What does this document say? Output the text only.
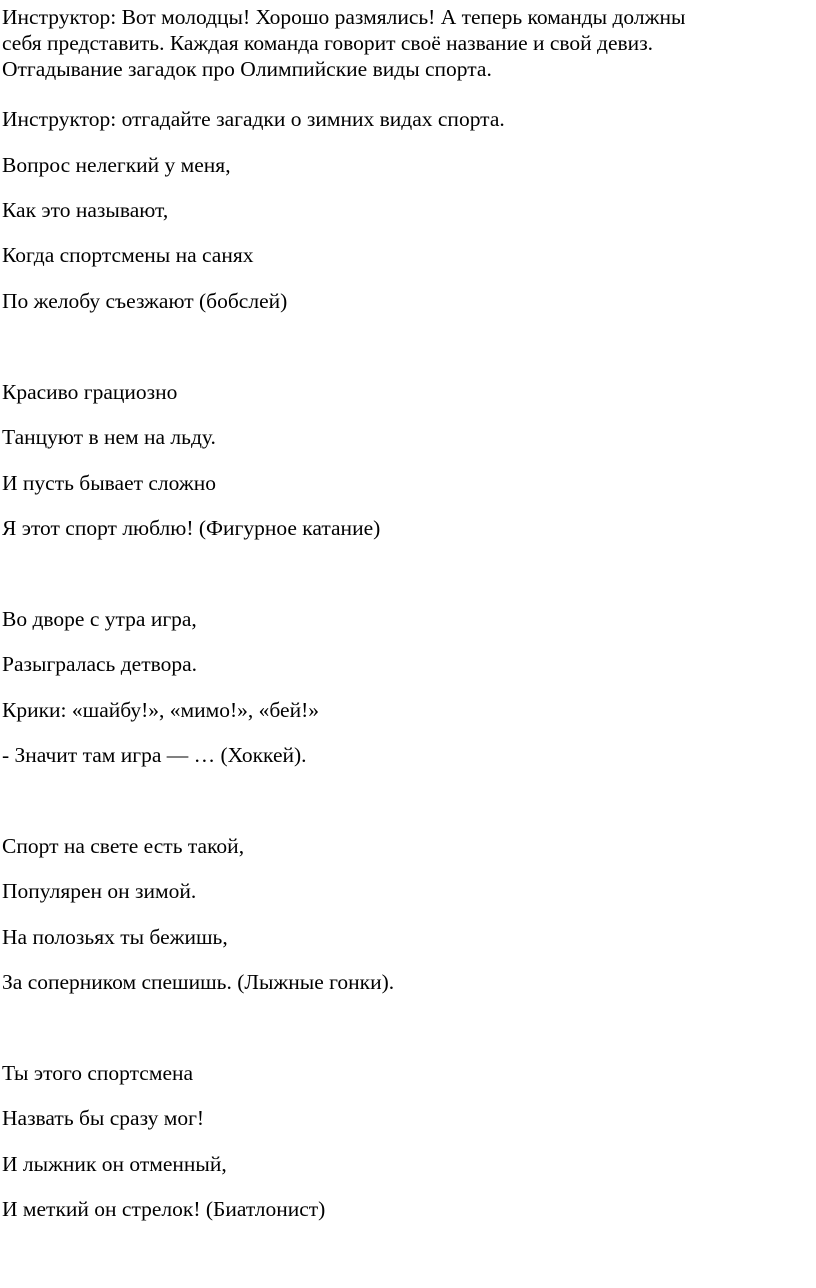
Инструктор: Вот молодцы! Хорошо размялись! А теперь команды должны
себя представить. Каждая команда говорит своё название и свой девиз.
Отгадывание загадок про Олимпийские виды спорта.

Инструктор: отгадайте загадки о зимних видах спорта.

Вопрос нелегкий у меня,

Как это называют,

Когда спортсмены на санях

По желобу съезжают (бобслей)

Красиво грациозно

Танцуют в нем на льду.

И пусть бывает сложно

Я этот спорт люблю! (Фигурное катание)

Во дворе с утра игра,

Разыгралась детвора.

Крики: «шайбу!», «мимо!», «бей!»

- Значит там игра — … (Хоккей).

Спорт на свете есть такой,

Популярен он зимой.

На полозьях ты бежишь,

За соперником спешишь. (Лыжные гонки).

Ты этого спортсмена

Назвать бы сразу мог!

И лыжник он отменный,

И меткий он стрелок! (Биатлонист)
